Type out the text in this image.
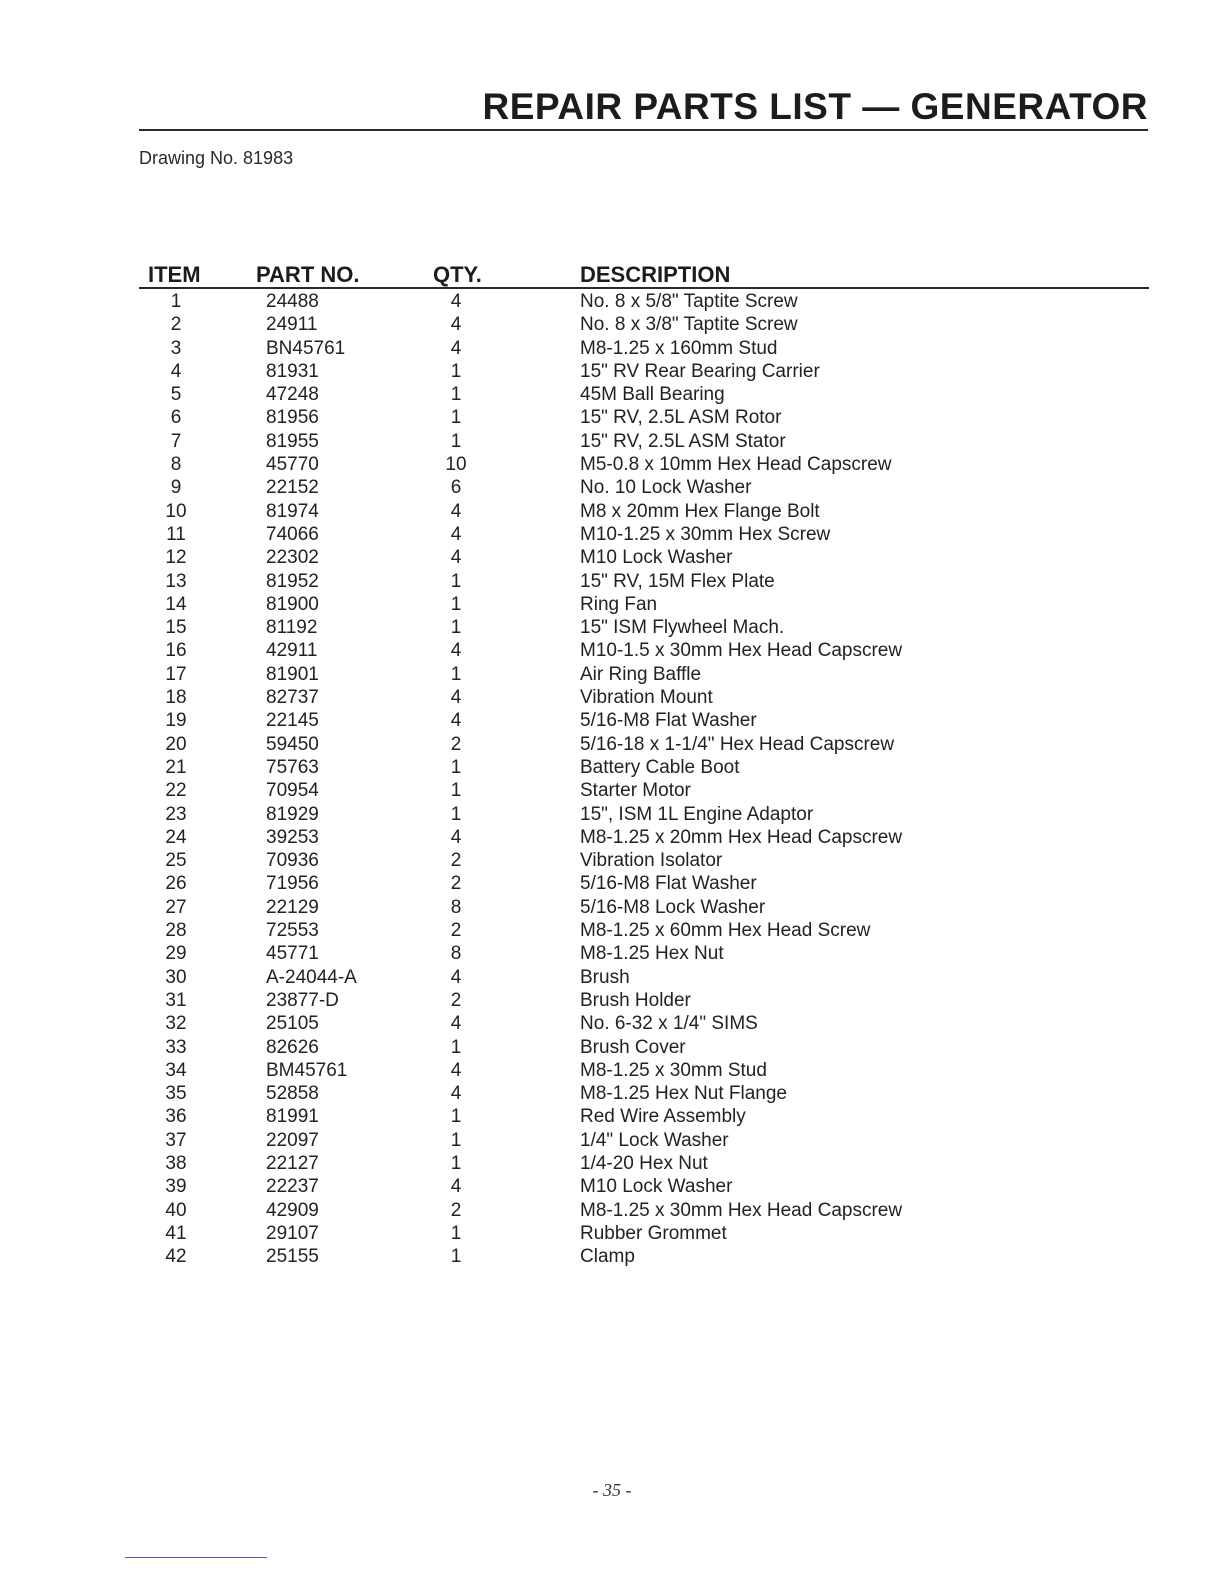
REPAIR PARTS LIST — GENERATOR
Drawing No. 81983
ITEM	PART NO.	QTY.	DESCRIPTION
1	24488	4	No. 8 x 5/8" Taptite Screw
2	24911	4	No. 8 x 3/8" Taptite Screw
3	BN45761	4	M8-1.25 x 160mm Stud
4	81931	1	15" RV Rear Bearing Carrier
5	47248	1	45M Ball Bearing
6	81956	1	15" RV, 2.5L ASM Rotor
7	81955	1	15" RV, 2.5L ASM Stator
8	45770	10	M5-0.8 x 10mm Hex Head Capscrew
9	22152	6	No. 10 Lock Washer
10	81974	4	M8 x 20mm Hex Flange Bolt
11	74066	4	M10-1.25 x 30mm Hex Screw
12	22302	4	M10 Lock Washer
13	81952	1	15" RV, 15M Flex Plate
14	81900	1	Ring Fan
15	81192	1	15" ISM Flywheel Mach.
16	42911	4	M10-1.5 x 30mm Hex Head Capscrew
17	81901	1	Air Ring Baffle
18	82737	4	Vibration Mount
19	22145	4	5/16-M8 Flat Washer
20	59450	2	5/16-18 x 1-1/4" Hex Head Capscrew
21	75763	1	Battery Cable Boot
22	70954	1	Starter Motor
23	81929	1	15", ISM 1L Engine Adaptor
24	39253	4	M8-1.25 x 20mm Hex Head Capscrew
25	70936	2	Vibration Isolator
26	71956	2	5/16-M8 Flat Washer
27	22129	8	5/16-M8 Lock Washer
28	72553	2	M8-1.25 x 60mm Hex Head Screw
29	45771	8	M8-1.25 Hex Nut
30	A-24044-A	4	Brush
31	23877-D	2	Brush Holder
32	25105	4	No. 6-32 x 1/4" SIMS
33	82626	1	Brush Cover
34	BM45761	4	M8-1.25 x 30mm Stud
35	52858	4	M8-1.25 Hex Nut Flange
36	81991	1	Red Wire Assembly
37	22097	1	1/4" Lock Washer
38	22127	1	1/4-20 Hex Nut
39	22237	4	M10 Lock Washer
40	42909	2	M8-1.25 x 30mm Hex Head Capscrew
41	29107	1	Rubber Grommet
42	25155	1	Clamp
- 35 -
